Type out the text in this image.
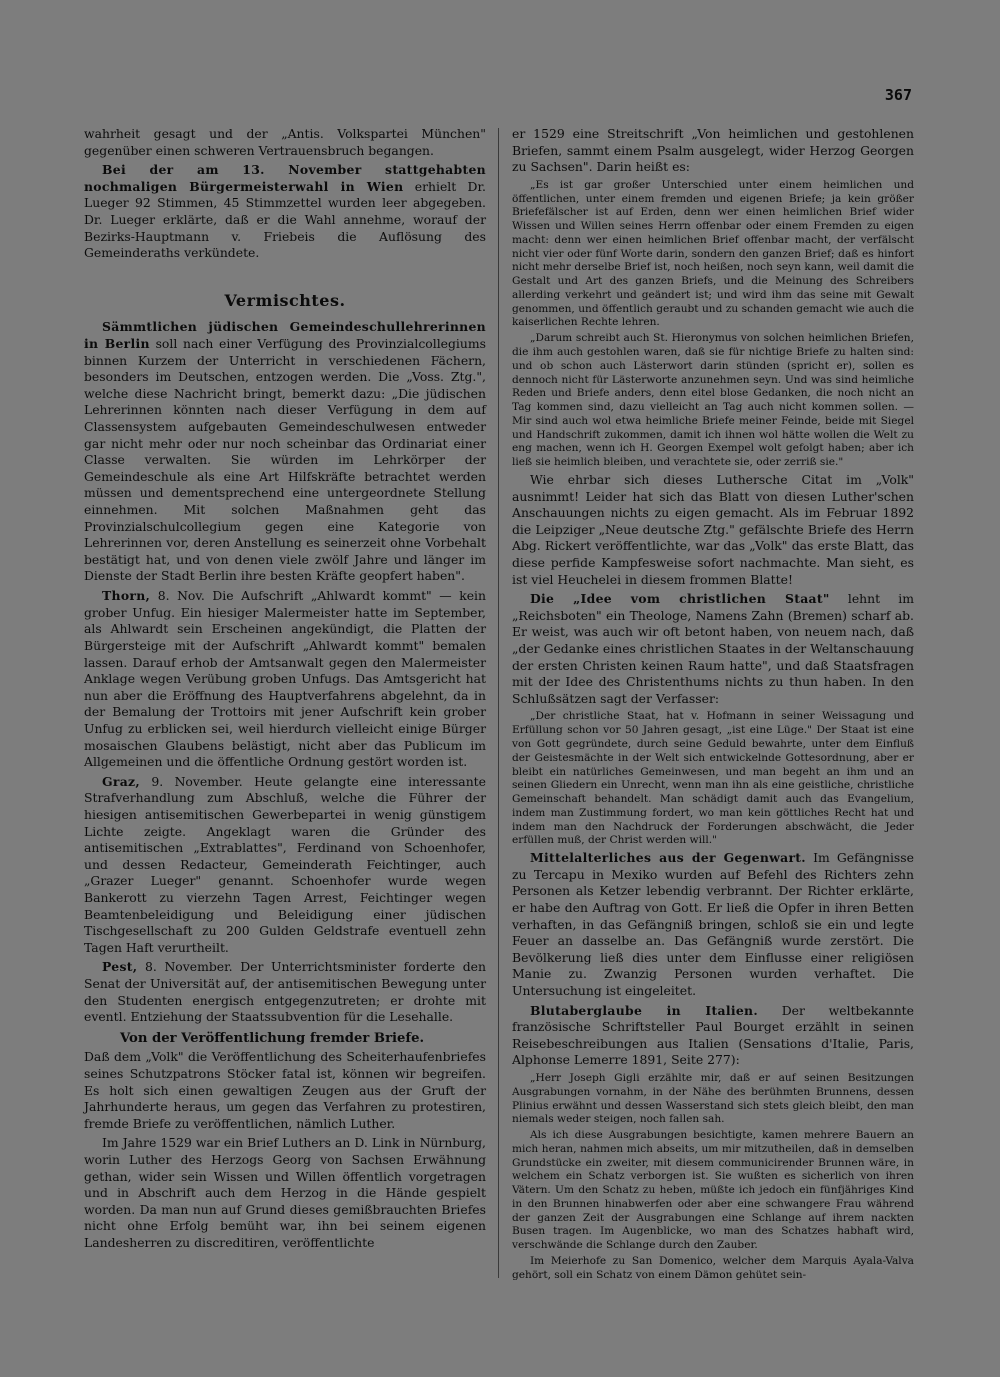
367

wahrheit gesagt und der „Antis. Volkspartei München" gegenüber einen schweren Vertrauensbruch begangen.

Bei der am 13. November stattgehabten nochmaligen Bürgermeisterwahl in Wien erhielt Dr. Lueger 92 Stimmen, 45 Stimmzettel wurden leer abgegeben. Dr. Lueger erklärte, daß er die Wahl annehme, worauf der Bezirks-Hauptmann v. Friebeis die Auflösung des Gemeinderaths verkündete.

Vermischtes.

Sämmtlichen jüdischen Gemeindeschullehrerinnen in Berlin soll nach einer Verfügung des Provinzialcollegiums binnen Kurzem der Unterricht in verschiedenen Fächern, besonders im Deutschen, entzogen werden. Die „Voss. Ztg.", welche diese Nachricht bringt, bemerkt dazu: „Die jüdischen Lehrerinnen könnten nach dieser Verfügung in dem auf Classensystem aufgebauten Gemeindeschulwesen entweder gar nicht mehr oder nur noch scheinbar das Ordinariat einer Classe verwalten. Sie würden im Lehrkörper der Gemeindeschule als eine Art Hilfskräfte betrachtet werden müssen und dementsprechend eine untergeordnete Stellung einnehmen. Mit solchen Maßnahmen geht das Provinzialschulcollegium gegen eine Kategorie von Lehrerinnen vor, deren Anstellung es seinerzeit ohne Vorbehalt bestätigt hat, und von denen viele zwölf Jahre und länger im Dienste der Stadt Berlin ihre besten Kräfte geopfert haben".

Thorn, 8. Nov. Die Aufschrift „Ahlwardt kommt" — kein grober Unfug. Ein hiesiger Malermeister hatte im September, als Ahlwardt sein Erscheinen angekündigt, die Platten der Bürgersteige mit der Aufschrift „Ahlwardt kommt" bemalen lassen. Darauf erhob der Amtsanwalt gegen den Malermeister Anklage wegen Verübung groben Unfugs. Das Amtsgericht hat nun aber die Eröffnung des Hauptverfahrens abgelehnt, da in der Bemalung der Trottoirs mit jener Aufschrift kein grober Unfug zu erblicken sei, weil hierdurch vielleicht einige Bürger mosaischen Glaubens belästigt, nicht aber das Publicum im Allgemeinen und die öffentliche Ordnung gestört worden ist.

Graz, 9. November. Heute gelangte eine interessante Strafverhandlung zum Abschluß, welche die Führer der hiesigen antisemitischen Gewerbepartei in wenig günstigem Lichte zeigte. Angeklagt waren die Gründer des antisemitischen „Extrablattes", Ferdinand von Schoenhofer, und dessen Redacteur, Gemeinderath Feichtinger, auch „Grazer Lueger" genannt. Schoenhofer wurde wegen Bankerott zu vierzehn Tagen Arrest, Feichtinger wegen Beamtenbeleidigung und Beleidigung einer jüdischen Tischgesellschaft zu 200 Gulden Geldstrafe eventuell zehn Tagen Haft verurtheilt.

Pest, 8. November. Der Unterrichtsminister forderte den Senat der Universität auf, der antisemitischen Bewegung unter den Studenten energisch entgegenzutreten; er drohte mit eventl. Entziehung der Staatssubvention für die Lesehalle.

Von der Veröffentlichung fremder Briefe.

Daß dem „Volk" die Veröffentlichung des Scheiterhaufenbriefes seines Schutzpatrons Stöcker fatal ist, können wir begreifen. Es holt sich einen gewaltigen Zeugen aus der Gruft der Jahrhunderte heraus, um gegen das Verfahren zu protestiren, fremde Briefe zu veröffentlichen, nämlich Luther.

Im Jahre 1529 war ein Brief Luthers an D. Link in Nürnburg, worin Luther des Herzogs Georg von Sachsen Erwähnung gethan, wider sein Wissen und Willen öffentlich vorgetragen und in Abschrift auch dem Herzog in die Hände gespielt worden. Da man nun auf Grund dieses gemißbrauchten Briefes nicht ohne Erfolg bemüht war, ihn bei seinem eigenen Landesherren zu discreditiren, veröffentlichte

er 1529 eine Streitschrift „Von heimlichen und gestohlenen Briefen, sammt einem Psalm ausgelegt, wider Herzog Georgen zu Sachsen". Darin heißt es:

„Es ist gar großer Unterschied unter einem heimlichen und öffentlichen, unter einem fremden und eigenen Briefe; ja kein größer Briefefälscher ist auf Erden, denn wer einen heimlichen Brief wider Wissen und Willen seines Herrn offenbar oder einem Fremden zu eigen macht: denn wer einen heimlichen Brief offenbar macht, der verfälscht nicht vier oder fünf Worte darin, sondern den ganzen Brief; daß es hinfort nicht mehr derselbe Brief ist, noch heißen, noch seyn kann, weil damit die Gestalt und Art des ganzen Briefs, und die Meinung des Schreibers allerding verkehrt und geändert ist; und wird ihm das seine mit Gewalt genommen, und öffentlich geraubt und zu schanden gemacht wie auch die kaiserlichen Rechte lehren.

„Darum schreibt auch St. Hieronymus von solchen heimlichen Briefen, die ihm auch gestohlen waren, daß sie für nichtige Briefe zu halten sind: und ob schon auch Lästerwort darin stünden (spricht er), sollen es dennoch nicht für Lästerworte anzunehmen seyn. Und was sind heimliche Reden und Briefe anders, denn eitel blose Gedanken, die noch nicht an Tag kommen sind, dazu vielleicht an Tag auch nicht kommen sollen. — Mir sind auch wol etwa heimliche Briefe meiner Feinde, beide mit Siegel und Handschrift zukommen, damit ich ihnen wol hätte wollen die Welt zu eng machen, wenn ich H. Georgen Exempel wolt gefolgt haben; aber ich ließ sie heimlich bleiben, und verachtete sie, oder zerriß sie."

Wie ehrbar sich dieses Luthersche Citat im „Volk" ausnimmt! Leider hat sich das Blatt von diesen Luther'schen Anschauungen nichts zu eigen gemacht. Als im Februar 1892 die Leipziger „Neue deutsche Ztg." gefälschte Briefe des Herrn Abg. Rickert veröffentlichte, war das „Volk" das erste Blatt, das diese perfide Kampfesweise sofort nachmachte. Man sieht, es ist viel Heuchelei in diesem frommen Blatte!

Die „Idee vom christlichen Staat" lehnt im „Reichsboten" ein Theologe, Namens Zahn (Bremen) scharf ab. Er weist, was auch wir oft betont haben, von neuem nach, daß „der Gedanke eines christlichen Staates in der Weltanschauung der ersten Christen keinen Raum hatte", und daß Staatsfragen mit der Idee des Christenthums nichts zu thun haben. In den Schlußsätzen sagt der Verfasser:

„Der christliche Staat, hat v. Hofmann in seiner Weissagung und Erfüllung schon vor 50 Jahren gesagt, „ist eine Lüge." Der Staat ist eine von Gott gegründete, durch seine Geduld bewahrte, unter dem Einfluß der Geistesmächte in der Welt sich entwickelnde Gottesordnung, aber er bleibt ein natürliches Gemeinwesen, und man begeht an ihm und an seinen Gliedern ein Unrecht, wenn man ihn als eine geistliche, christliche Gemeinschaft behandelt. Man schädigt damit auch das Evangelium, indem man Zustimmung fordert, wo man kein göttliches Recht hat und indem man den Nachdruck der Forderungen abschwächt, die Jeder erfüllen muß, der Christ werden will."

Mittelalterliches aus der Gegenwart. Im Gefängnisse zu Tercapu in Mexiko wurden auf Befehl des Richters zehn Personen als Ketzer lebendig verbrannt. Der Richter erklärte, er habe den Auftrag von Gott. Er ließ die Opfer in ihren Betten verhaften, in das Gefängniß bringen, schloß sie ein und legte Feuer an dasselbe an. Das Gefängniß wurde zerstört. Die Bevölkerung ließ dies unter dem Einflusse einer religiösen Manie zu. Zwanzig Personen wurden verhaftet. Die Untersuchung ist eingeleitet.

Blutaberglaube in Italien. Der weltbekannte französische Schriftsteller Paul Bourget erzählt in seinen Reisebeschreibungen aus Italien (Sensations d'Italie, Paris, Alphonse Lemerre 1891, Seite 277):

„Herr Joseph Gigli erzählte mir, daß er auf seinen Besitzungen Ausgrabungen vornahm, in der Nähe des berühmten Brunnens, dessen Plinius erwähnt und dessen Wasserstand sich stets gleich bleibt, den man niemals weder steigen, noch fallen sah.

Als ich diese Ausgrabungen besichtigte, kamen mehrere Bauern an mich heran, nahmen mich abseits, um mir mitzutheilen, daß in demselben Grundstücke ein zweiter, mit diesem communicirender Brunnen wäre, in welchem ein Schatz verborgen ist. Sie wußten es sicherlich von ihren Vätern. Um den Schatz zu heben, müßte ich jedoch ein fünfjähriges Kind in den Brunnen hinabwerfen oder aber eine schwangere Frau während der ganzen Zeit der Ausgrabungen eine Schlange auf ihrem nackten Busen tragen. Im Augenblicke, wo man des Schatzes habhaft wird, verschwände die Schlange durch den Zauber.

Im Meierhofe zu San Domenico, welcher dem Marquis Ayala-Valva gehört, soll ein Schatz von einem Dämon gehütet sein-
